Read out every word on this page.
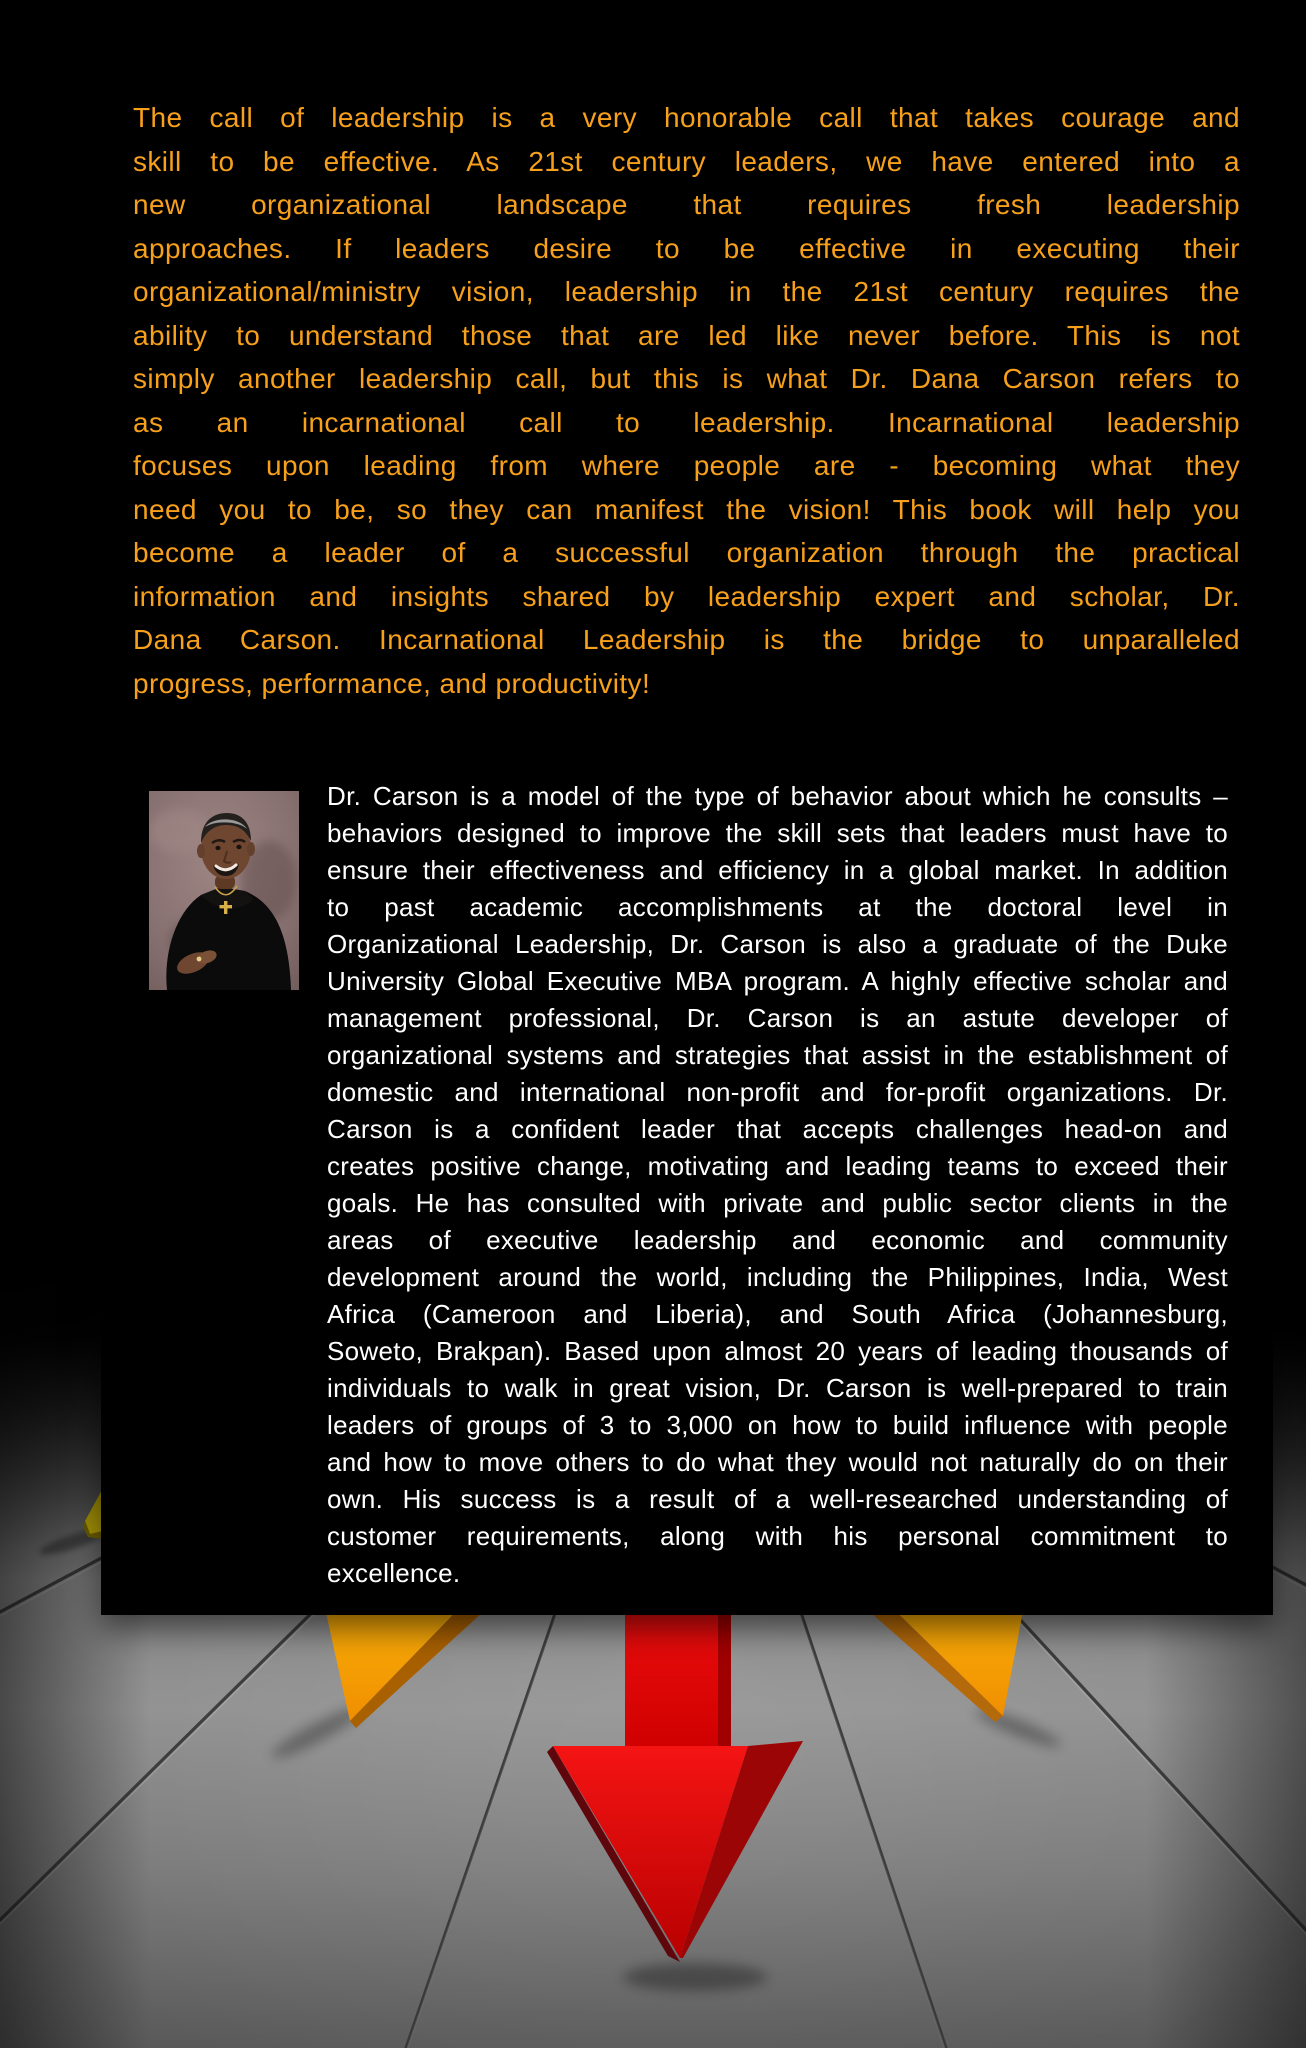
The call of leadership is a very honorable call that takes courage and
skill to be effective. As 21st century leaders, we have entered into a
new organizational landscape that requires fresh leadership
approaches. If leaders desire to be effective in executing their
organizational/ministry vision, leadership in the 21st century requires the
ability to understand those that are led like never before. This is not
simply another leadership call, but this is what Dr. Dana Carson refers to
as an incarnational call to leadership. Incarnational leadership
focuses upon leading from where people are - becoming what they
need you to be, so they can manifest the vision! This book will help you
become a leader of a successful organization through the practical
information and insights shared by leadership expert and scholar, Dr.
Dana Carson. Incarnational Leadership is the bridge to unparalleled
progress, performance, and productivity!
Dr. Carson is a model of the type of behavior about which he consults –
behaviors designed to improve the skill sets that leaders must have to
ensure their effectiveness and efficiency in a global market. In addition
to past academic accomplishments at the doctoral level in
Organizational Leadership, Dr. Carson is also a graduate of the Duke
University Global Executive MBA program. A highly effective scholar and
management professional, Dr. Carson is an astute developer of
organizational systems and strategies that assist in the establishment of
domestic and international non-profit and for-profit organizations. Dr.
Carson is a confident leader that accepts challenges head-on and
creates positive change, motivating and leading teams to exceed their
goals. He has consulted with private and public sector clients in the
areas of executive leadership and economic and community
development around the world, including the Philippines, India, West
Africa (Cameroon and Liberia), and South Africa (Johannesburg,
Soweto, Brakpan). Based upon almost 20 years of leading thousands of
individuals to walk in great vision, Dr. Carson is well-prepared to train
leaders of groups of 3 to 3,000 on how to build influence with people
and how to move others to do what they would not naturally do on their
own. His success is a result of a well-researched understanding of
customer requirements, along with his personal commitment to
excellence.
